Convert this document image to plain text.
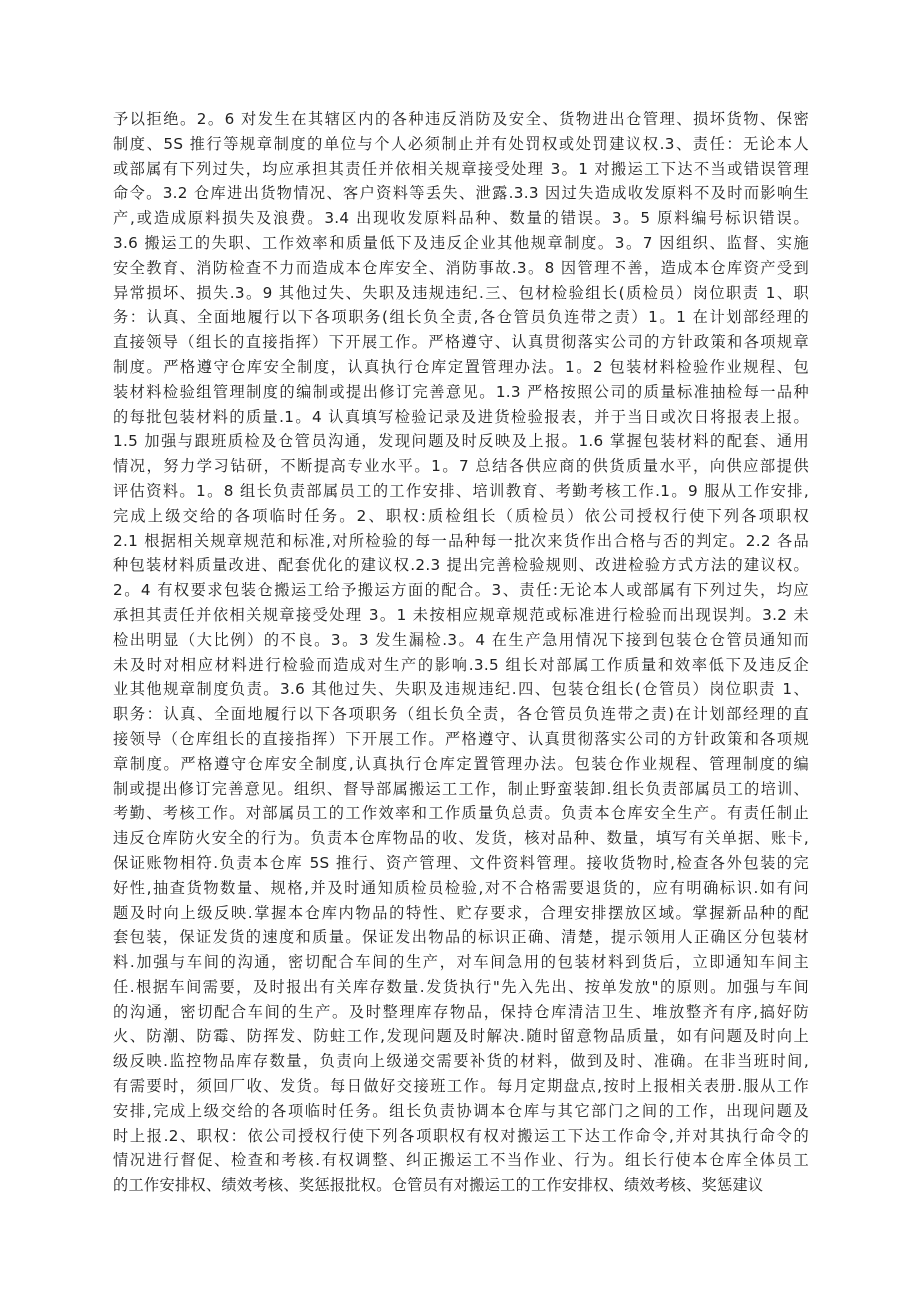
予以拒绝。2。6 对发生在其辖区内的各种违反消防及安全、货物进出仓管理、损坏货物、保密
制度、5S 推行等规章制度的单位与个人必须制止并有处罚权或处罚建议权.3、责任：无论本人
或部属有下列过失，均应承担其责任并依相关规章接受处理 3。1 对搬运工下达不当或错误管理
命令。3.2 仓库进出货物情况、客户资料等丢失、泄露.3.3 因过失造成收发原料不及时而影响生
产,或造成原料损失及浪费。3.4 出现收发原料品种、数量的错误。3。5 原料编号标识错误。
3.6 搬运工的失职、工作效率和质量低下及违反企业其他规章制度。3。7 因组织、监督、实施
安全教育、消防检查不力而造成本仓库安全、消防事故.3。8 因管理不善，造成本仓库资产受到
异常损坏、损失.3。9 其他过失、失职及违规违纪.三、包材检验组长(质检员）岗位职责 1、职
务：认真、全面地履行以下各项职务(组长负全责,各仓管员负连带之责）1。1 在计划部经理的
直接领导（组长的直接指挥）下开展工作。严格遵守、认真贯彻落实公司的方针政策和各项规章
制度。严格遵守仓库安全制度，认真执行仓库定置管理办法。1。2 包装材料检验作业规程、包
装材料检验组管理制度的编制或提出修订完善意见。1.3 严格按照公司的质量标准抽检每一品种
的每批包装材料的质量.1。4 认真填写检验记录及进货检验报表，并于当日或次日将报表上报。
1.5 加强与跟班质检及仓管员沟通，发现问题及时反映及上报。1.6 掌握包装材料的配套、通用
情况，努力学习钻研，不断提高专业水平。1。7 总结各供应商的供货质量水平，向供应部提供
评估资料。1。8 组长负责部属员工的工作安排、培训教育、考勤考核工作.1。9 服从工作安排,
完成上级交给的各项临时任务。2、职权:质检组长（质检员）依公司授权行使下列各项职权
2.1 根据相关规章规范和标准,对所检验的每一品种每一批次来货作出合格与否的判定。2.2 各品
种包装材料质量改进、配套优化的建议权.2.3 提出完善检验规则、改进检验方式方法的建议权。
2。4 有权要求包装仓搬运工给予搬运方面的配合。3、责任:无论本人或部属有下列过失，均应
承担其责任并依相关规章接受处理 3。1 未按相应规章规范或标准进行检验而出现误判。3.2 未
检出明显（大比例）的不良。3。3 发生漏检.3。4 在生产急用情况下接到包装仓仓管员通知而
未及时对相应材料进行检验而造成对生产的影响.3.5 组长对部属工作质量和效率低下及违反企
业其他规章制度负责。3.6 其他过失、失职及违规违纪.四、包装仓组长(仓管员）岗位职责 1、
职务：认真、全面地履行以下各项职务（组长负全责，各仓管员负连带之责)在计划部经理的直
接领导（仓库组长的直接指挥）下开展工作。严格遵守、认真贯彻落实公司的方针政策和各项规
章制度。严格遵守仓库安全制度,认真执行仓库定置管理办法。包装仓作业规程、管理制度的编
制或提出修订完善意见。组织、督导部属搬运工工作，制止野蛮装卸.组长负责部属员工的培训、
考勤、考核工作。对部属员工的工作效率和工作质量负总责。负责本仓库安全生产。有责任制止
违反仓库防火安全的行为。负责本仓库物品的收、发货，核对品种、数量，填写有关单据、账卡,
保证账物相符.负责本仓库 5S 推行、资产管理、文件资料管理。接收货物时,检查各外包装的完
好性,抽查货物数量、规格,并及时通知质检员检验,对不合格需要退货的，应有明确标识.如有问
题及时向上级反映.掌握本仓库内物品的特性、贮存要求，合理安排摆放区域。掌握新品种的配
套包装，保证发货的速度和质量。保证发出物品的标识正确、清楚，提示领用人正确区分包装材
料.加强与车间的沟通，密切配合车间的生产，对车间急用的包装材料到货后，立即通知车间主
任.根据车间需要，及时报出有关库存数量.发货执行"先入先出、按单发放"的原则。加强与车间
的沟通，密切配合车间的生产。及时整理库存物品，保持仓库清洁卫生、堆放整齐有序,搞好防
火、防潮、防霉、防挥发、防蛀工作,发现问题及时解决.随时留意物品质量，如有问题及时向上
级反映.监控物品库存数量，负责向上级递交需要补货的材料，做到及时、准确。在非当班时间,
有需要时，须回厂收、发货。每日做好交接班工作。每月定期盘点,按时上报相关表册.服从工作
安排,完成上级交给的各项临时任务。组长负责协调本仓库与其它部门之间的工作，出现问题及
时上报.2、职权：依公司授权行使下列各项职权有权对搬运工下达工作命令,并对其执行命令的
情况进行督促、检查和考核.有权调整、纠正搬运工不当作业、行为。组长行使本仓库全体员工
的工作安排权、绩效考核、奖惩报批权。仓管员有对搬运工的工作安排权、绩效考核、奖惩建议
